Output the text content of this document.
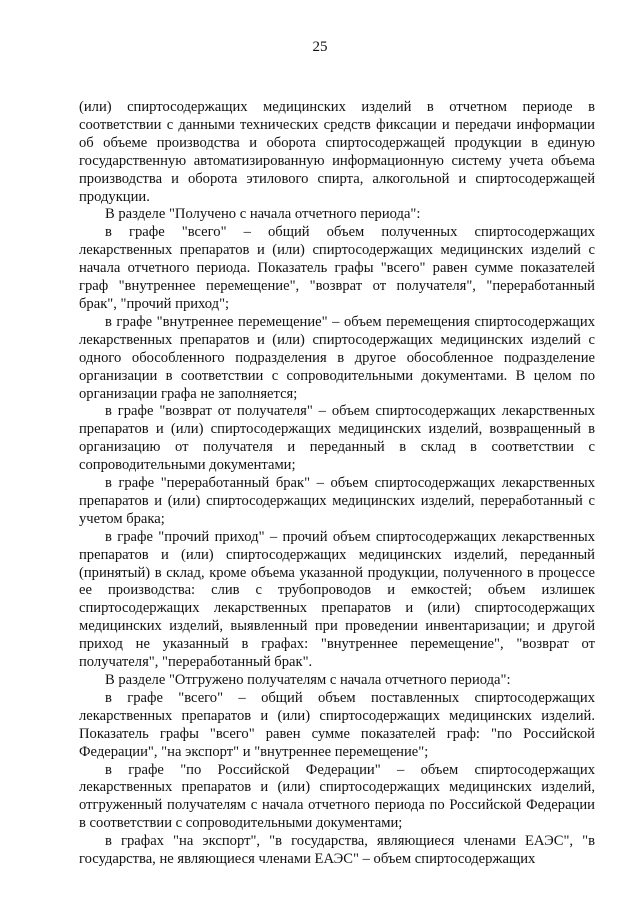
25

(или) спиртосодержащих медицинских изделий в отчетном периоде в соответствии с данными технических средств фиксации и передачи информации об объеме производства и оборота спиртосодержащей продукции в единую государственную автоматизированную информационную систему учета объема производства и оборота этилового спирта, алкогольной и спиртосодержащей продукции.

В разделе "Получено с начала отчетного периода":

в графе "всего" – общий объем полученных спиртосодержащих лекарственных препаратов и (или) спиртосодержащих медицинских изделий с начала отчетного периода. Показатель графы "всего" равен сумме показателей граф "внутреннее перемещение", "возврат от получателя", "переработанный брак", "прочий приход";

в графе "внутреннее перемещение" – объем перемещения спиртосодержащих лекарственных препаратов и (или) спиртосодержащих медицинских изделий с одного обособленного подразделения в другое обособленное подразделение организации в соответствии с сопроводительными документами. В целом по организации графа не заполняется;

в графе "возврат от получателя" – объем спиртосодержащих лекарственных препаратов и (или) спиртосодержащих медицинских изделий, возвращенный в организацию от получателя и переданный в склад в соответствии с сопроводительными документами;

в графе "переработанный брак" – объем спиртосодержащих лекарственных препаратов и (или) спиртосодержащих медицинских изделий, переработанный с учетом брака;

в графе "прочий приход" – прочий объем спиртосодержащих лекарственных препаратов и (или) спиртосодержащих медицинских изделий, переданный (принятый) в склад, кроме объема указанной продукции, полученного в процессе ее производства: слив с трубопроводов и емкостей; объем излишек спиртосодержащих лекарственных препаратов и (или) спиртосодержащих медицинских изделий, выявленный при проведении инвентаризации; и другой приход не указанный в графах: "внутреннее перемещение", "возврат от получателя", "переработанный брак".

В разделе "Отгружено получателям с начала отчетного периода":

в графе "всего" – общий объем поставленных спиртосодержащих лекарственных препаратов и (или) спиртосодержащих медицинских изделий. Показатель графы "всего" равен сумме показателей граф: "по Российской Федерации", "на экспорт" и "внутреннее перемещение";

в графе "по Российской Федерации" – объем спиртосодержащих лекарственных препаратов и (или) спиртосодержащих медицинских изделий, отгруженный получателям с начала отчетного периода по Российской Федерации в соответствии с сопроводительными документами;

в графах "на экспорт", "в государства, являющиеся членами ЕАЭС", "в государства, не являющиеся членами ЕАЭС" – объем спиртосодержащих
